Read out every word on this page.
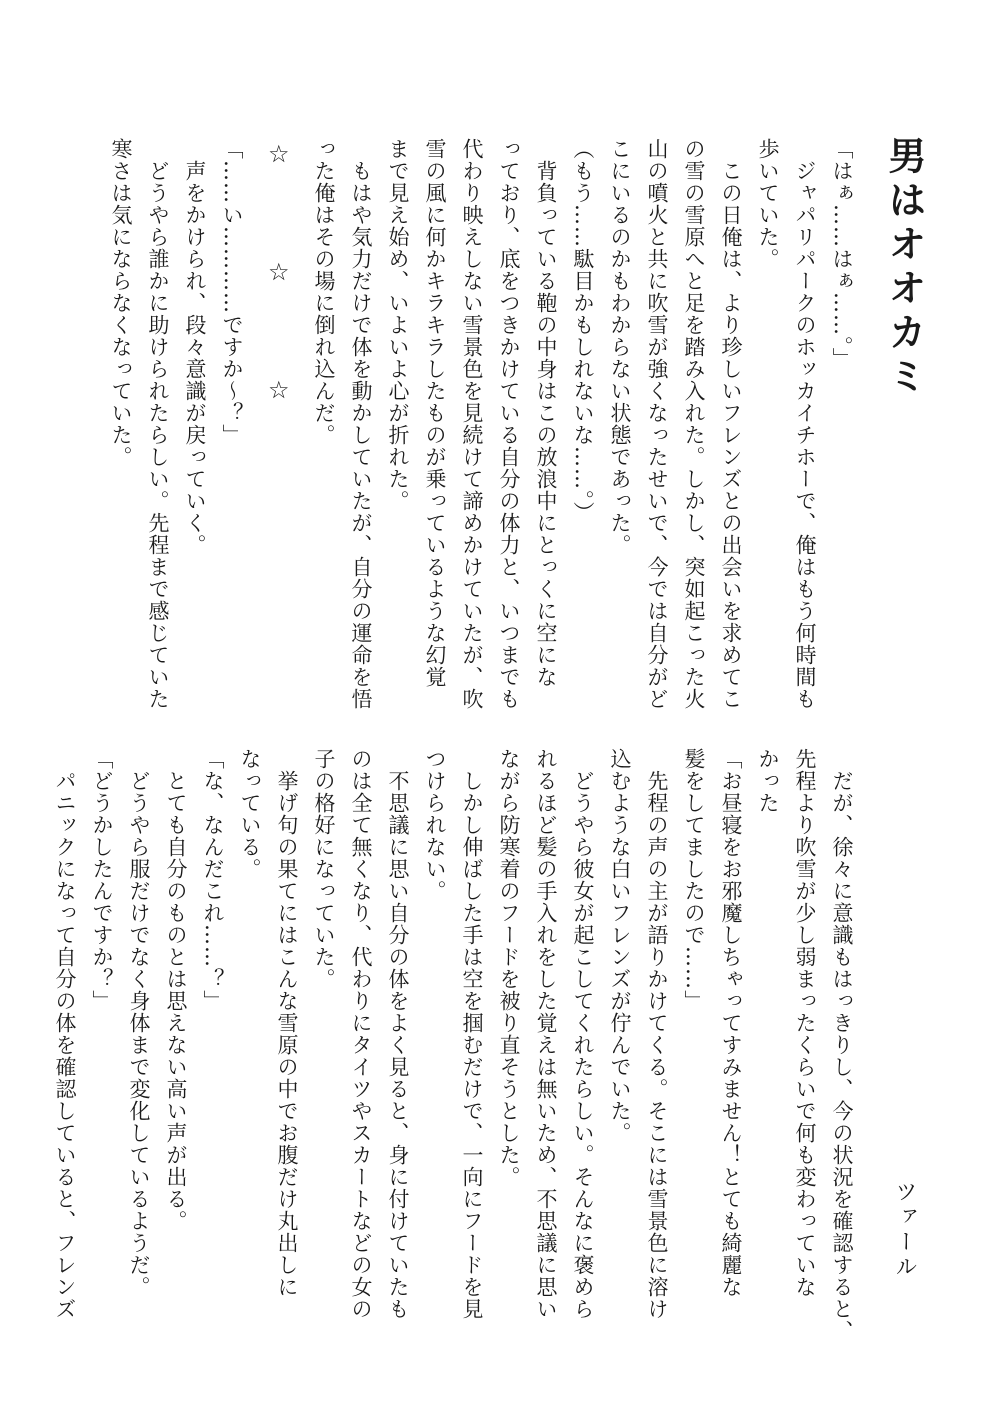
男はオオカミ
「はぁ……はぁ……。」
　ジャパリパークのホッカイチホーで、俺はもう何時間も
歩いていた。
　この日俺は、より珍しいフレンズとの出会いを求めてこ
の雪の雪原へと足を踏み入れた。しかし、突如起こった火
山の噴火と共に吹雪が強くなったせいで、今では自分がど
こにいるのかもわからない状態であった。
（もう……駄目かもしれないな……。）
　背負っている鞄の中身はこの放浪中にとっくに空にな
っており、底をつきかけている自分の体力と、いつまでも
代わり映えしない雪景色を見続けて諦めかけていたが、吹
雪の風に何かキラキラしたものが乗っているような幻覚
まで見え始め、いよいよ心が折れた。
　もはや気力だけで体を動かしていたが、自分の運命を悟
った俺はその場に倒れ込んだ。
☆
☆
☆
「……い…………ですか～？」
　声をかけられ、段々意識が戻っていく。
　どうやら誰かに助けられたらしい。先程まで感じていた
寒さは気にならなくなっていた。
　だが、徐々に意識もはっきりし、今の状況を確認すると、
先程より吹雪が少し弱まったくらいで何も変わっていな
かった
「お昼寝をお邪魔しちゃってすみません！とても綺麗な
髪をしてましたので……」
　先程の声の主が語りかけてくる。そこには雪景色に溶け
込むような白いフレンズが佇んでいた。
　どうやら彼女が起こしてくれたらしい。そんなに褒めら
れるほど髪の手入れをした覚えは無いため、不思議に思い
ながら防寒着のフードを被り直そうとした。
　しかし伸ばした手は空を掴むだけで、一向にフードを見
つけられない。
　不思議に思い自分の体をよく見ると、身に付けていたも
のは全て無くなり、代わりにタイツやスカートなどの女の
子の格好になっていた。
　挙げ句の果てにはこんな雪原の中でお腹だけ丸出しに
なっている。
「な、なんだこれ……？」
　とても自分のものとは思えない高い声が出る。
　どうやら服だけでなく身体まで変化しているようだ。
「どうかしたんですか？」
　パニックになって自分の体を確認していると、フレンズ	ツァール
